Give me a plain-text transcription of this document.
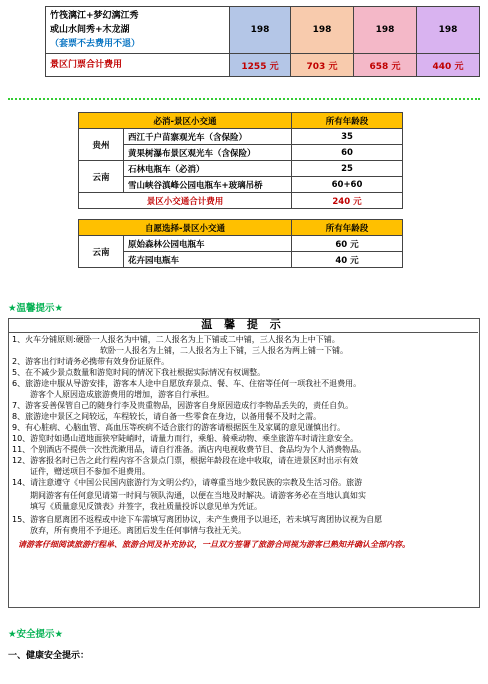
竹筏漓江+梦幻漓江秀
或山水间秀+木龙湖
（套票不去费用不退）	198	198	198	198
景区门票合计费用	1255 元	703 元	658 元	440 元
必消-景区小交通		所有年龄段
贵州	西江千户苗寨观光车（含保险）	35
	黄果树瀑布景区观光车（含保险）	60
云南	石林电瓶车（必消）	25
	雪山峡谷滇峰公园电瓶车+玻璃吊桥	60+60
景区小交通合计费用		240 元
自愿选择-景区小交通		所有年龄段
云南	原始森林公园电瓶车	60 元
	花卉园电瓶车	40 元
★温馨提示★
温 馨 提 示

1、火车分铺原则:硬卧一人报名为中铺，二人报名为上下铺或二中铺，三人报名为上中下铺。

软卧一人报名为上铺，二人报名为上下铺，三人报名为两上铺一下铺。

2、游客出行时请务必携带有效身份证原件。

5、在不减少景点数量和游览时间的情况下我社根据实际情况有权调整。

6、旅游途中服从导游安排，游客本人途中自愿放弃景点、餐、车、住宿等任何一项我社不退费用。

游客个人原因造成旅游费用的增加，游客自行承担。

7、游客妥善保管自己的随身行李及贵重物品，因游客自身原因造成行李物品丢失的，责任自负。

8、旅游途中景区之间较远，车程较长，请自备一些零食在身边，以备用餐不及时之需。

9、有心脏病、心脑血管、高血压等疾病不适合旅行的游客请根据医生及家属的意见谨慎出行。

10、游览时如遇山道地面狭窄陡峭时，请量力而行，乘船、骑乘动物、乘坐旅游车时请注意安全。

11、个别酒店不提供一次性洗漱用品，请自行准备。酒店内电视收费节目、食品均为个人消费物品。

12、游客报名时已告之此行程内容不含景点门票，根据年龄段在途中收取，请在进景区时出示有效

证件，赠送项目不参加不退费用。

14、请注意遵守《中国公民国内旅游行为文明公约》，请尊重当地少数民族的宗教及生活习俗。旅游

期间游客有任何意见请第一时间与领队沟通，以便在当地及时解决。请游客务必在当地认真如实

填写《质量意见反馈表》并签字，我社质量投诉以意见单为凭证。

15、游客自愿离团不返程或中途下车需填写离团协议，未产生费用予以退还，若未填写离团协议视为自愿

放弃，所有费用不予退还。离团后发生任何事情与我社无关。

请游客仔细阅读旅游行程单、旅游合同及补充协议，一旦双方签署了旅游合同视为游客已熟知并确认全部内容。

★安全提示★
一、健康安全提示：
